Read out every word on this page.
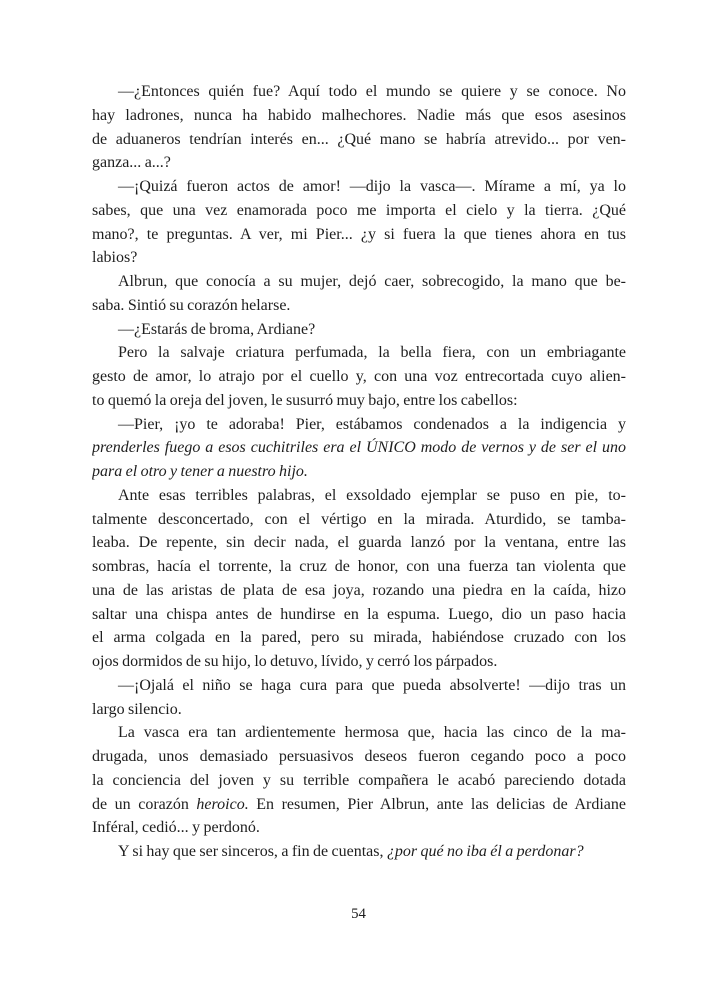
—¿Entonces quién fue? Aquí todo el mundo se quiere y se conoce. No
hay ladrones, nunca ha habido malhechores. Nadie más que esos asesinos
de aduaneros tendrían interés en... ¿Qué mano se habría atrevido... por ven-
ganza... a...?
—¡Quizá fueron actos de amor! —dijo la vasca—. Mírame a mí, ya lo
sabes, que una vez enamorada poco me importa el cielo y la tierra. ¿Qué
mano?, te preguntas. A ver, mi Pier... ¿y si fuera la que tienes ahora en tus
labios?
Albrun, que conocía a su mujer, dejó caer, sobrecogido, la mano que be-
saba. Sintió su corazón helarse.
—¿Estarás de broma, Ardiane?
Pero la salvaje criatura perfumada, la bella fiera, con un embriagante
gesto de amor, lo atrajo por el cuello y, con una voz entrecortada cuyo alien-
to quemó la oreja del joven, le susurró muy bajo, entre los cabellos:
—Pier, ¡yo te adoraba! Pier, estábamos condenados a la indigencia y
prenderles fuego a esos cuchitriles era el ÚNICO modo de vernos y de ser el uno
para el otro y tener a nuestro hijo.
Ante esas terribles palabras, el exsoldado ejemplar se puso en pie, to-
talmente desconcertado, con el vértigo en la mirada. Aturdido, se tamba-
leaba. De repente, sin decir nada, el guarda lanzó por la ventana, entre las
sombras, hacía el torrente, la cruz de honor, con una fuerza tan violenta que
una de las aristas de plata de esa joya, rozando una piedra en la caída, hizo
saltar una chispa antes de hundirse en la espuma. Luego, dio un paso hacia
el arma colgada en la pared, pero su mirada, habiéndose cruzado con los
ojos dormidos de su hijo, lo detuvo, lívido, y cerró los párpados.
—¡Ojalá el niño se haga cura para que pueda absolverte! —dijo tras un
largo silencio.
La vasca era tan ardientemente hermosa que, hacia las cinco de la ma-
drugada, unos demasiado persuasivos deseos fueron cegando poco a poco
la conciencia del joven y su terrible compañera le acabó pareciendo dotada
de un corazón heroico. En resumen, Pier Albrun, ante las delicias de Ardiane
Inféral, cedió... y perdonó.
Y si hay que ser sinceros, a fin de cuentas, ¿por qué no iba él a perdonar?
54
